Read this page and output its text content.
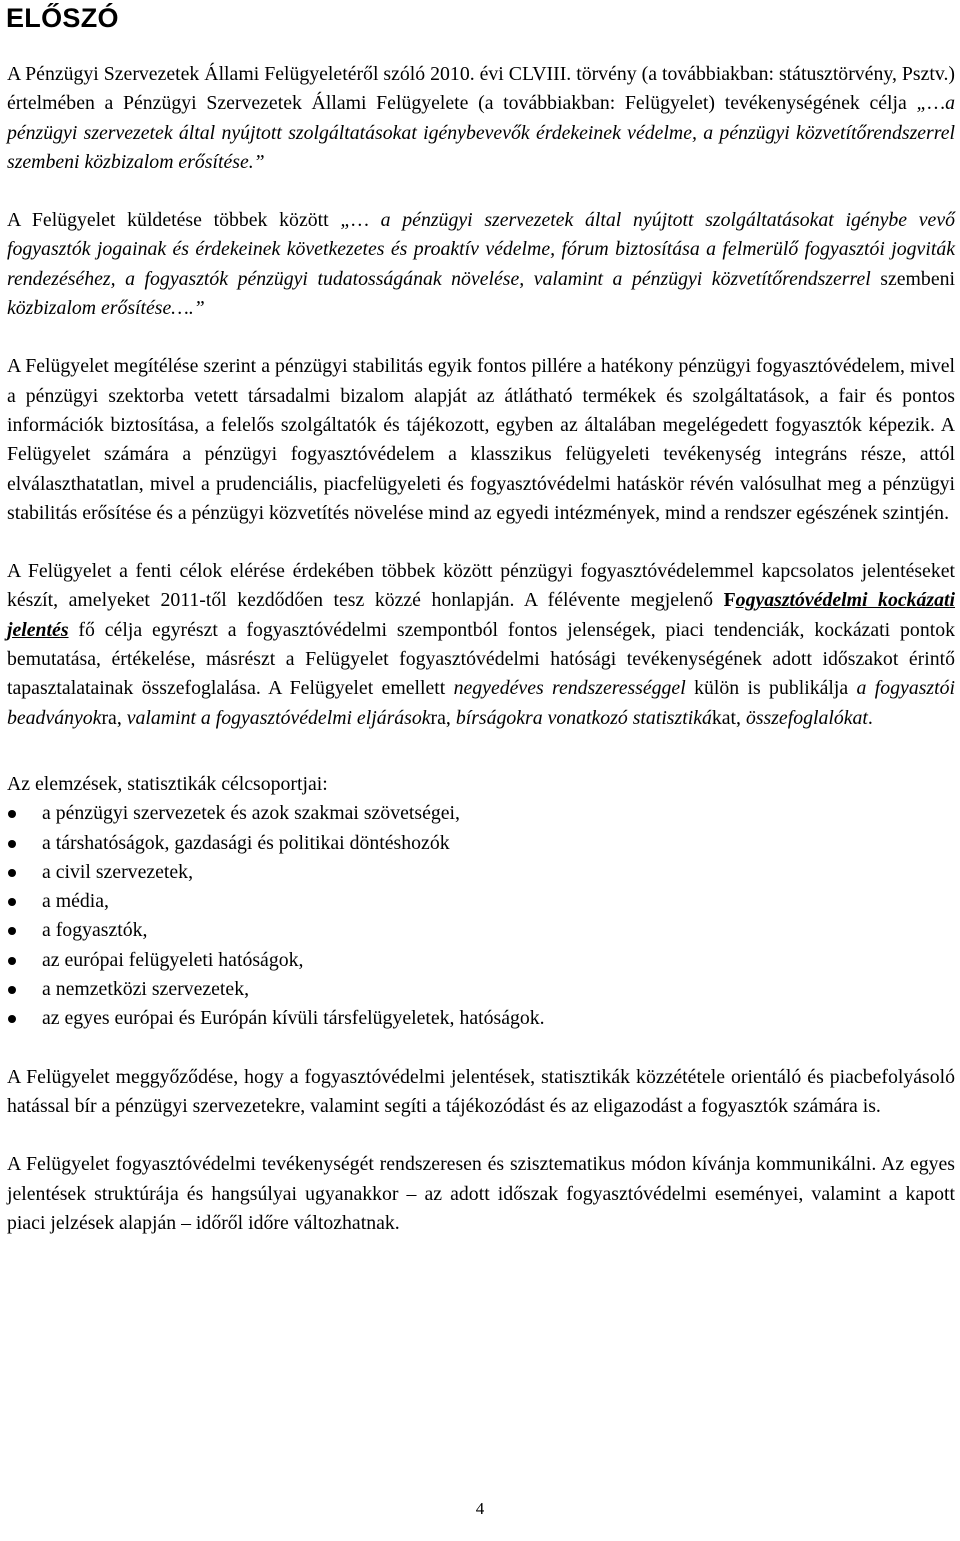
ELŐSZÓ

A Pénzügyi Szervezetek Állami Felügyeletéről szóló 2010. évi CLVIII. törvény (a továbbiakban: státusztörvény, Psztv.) értelmében a Pénzügyi Szervezetek Állami Felügyelete (a továbbiakban: Felügyelet) tevékenységének célja „…a pénzügyi szervezetek által nyújtott szolgáltatásokat igénybevevők érdekeinek védelme, a pénzügyi közvetítőrendszerrel szembeni közbizalom erősítése.”

A Felügyelet küldetése többek között „… a pénzügyi szervezetek által nyújtott szolgáltatásokat igénybe vevő fogyasztók jogainak és érdekeinek következetes és proaktív védelme, fórum biztosítása a felmerülő fogyasztói jogviták rendezéséhez, a fogyasztók pénzügyi tudatosságának növelése, valamint a pénzügyi közvetítőrendszerrel szembeni közbizalom erősítése….”

A Felügyelet megítélése szerint a pénzügyi stabilitás egyik fontos pillére a hatékony pénzügyi fogyasztóvédelem, mivel a pénzügyi szektorba vetett társadalmi bizalom alapját az átlátható termékek és szolgáltatások, a fair és pontos információk biztosítása, a felelős szolgáltatók és tájékozott, egyben az általában megelégedett fogyasztók képezik. A Felügyelet számára a pénzügyi fogyasztóvédelem a klasszikus felügyeleti tevékenység integráns része, attól elválaszthatatlan, mivel a prudenciális, piacfelügyeleti és fogyasztóvédelmi hatáskör révén valósulhat meg a pénzügyi stabilitás erősítése és a pénzügyi közvetítés növelése mind az egyedi intézmények, mind a rendszer egészének szintjén.

A Felügyelet a fenti célok elérése érdekében többek között pénzügyi fogyasztóvédelemmel kapcsolatos jelentéseket készít, amelyeket 2011-től kezdődően tesz közzé honlapján. A félévente megjelenő Fogyasztóvédelmi kockázati jelentés fő célja egyrészt a fogyasztóvédelmi szempontból fontos jelenségek, piaci tendenciák, kockázati pontok bemutatása, értékelése, másrészt a Felügyelet fogyasztóvédelmi hatósági tevékenységének adott időszakot érintő tapasztalatainak összefoglalása. A Felügyelet emellett negyedéves rendszerességgel külön is publikálja a fogyasztói beadványokra, valamint a fogyasztóvédelmi eljárásokra, bírságokra vonatkozó statisztikákat, összefoglalókat.

Az elemzések, statisztikák célcsoportjai:

a pénzügyi szervezetek és azok szakmai szövetségei,
a társhatóságok, gazdasági és politikai döntéshozók
a civil szervezetek,
a média,
a fogyasztók,
az európai felügyeleti hatóságok,
a nemzetközi szervezetek,
az egyes európai és Európán kívüli társfelügyeletek, hatóságok.

A Felügyelet meggyőződése, hogy a fogyasztóvédelmi jelentések, statisztikák közzététele orientáló és piacbefolyásoló hatással bír a pénzügyi szervezetekre, valamint segíti a tájékozódást és az eligazodást a fogyasztók számára is.

A Felügyelet fogyasztóvédelmi tevékenységét rendszeresen és szisztematikus módon kívánja kommunikálni. Az egyes jelentések struktúrája és hangsúlyai ugyanakkor – az adott időszak fogyasztóvédelmi eseményei, valamint a kapott piaci jelzések alapján – időről időre változhatnak.

4
